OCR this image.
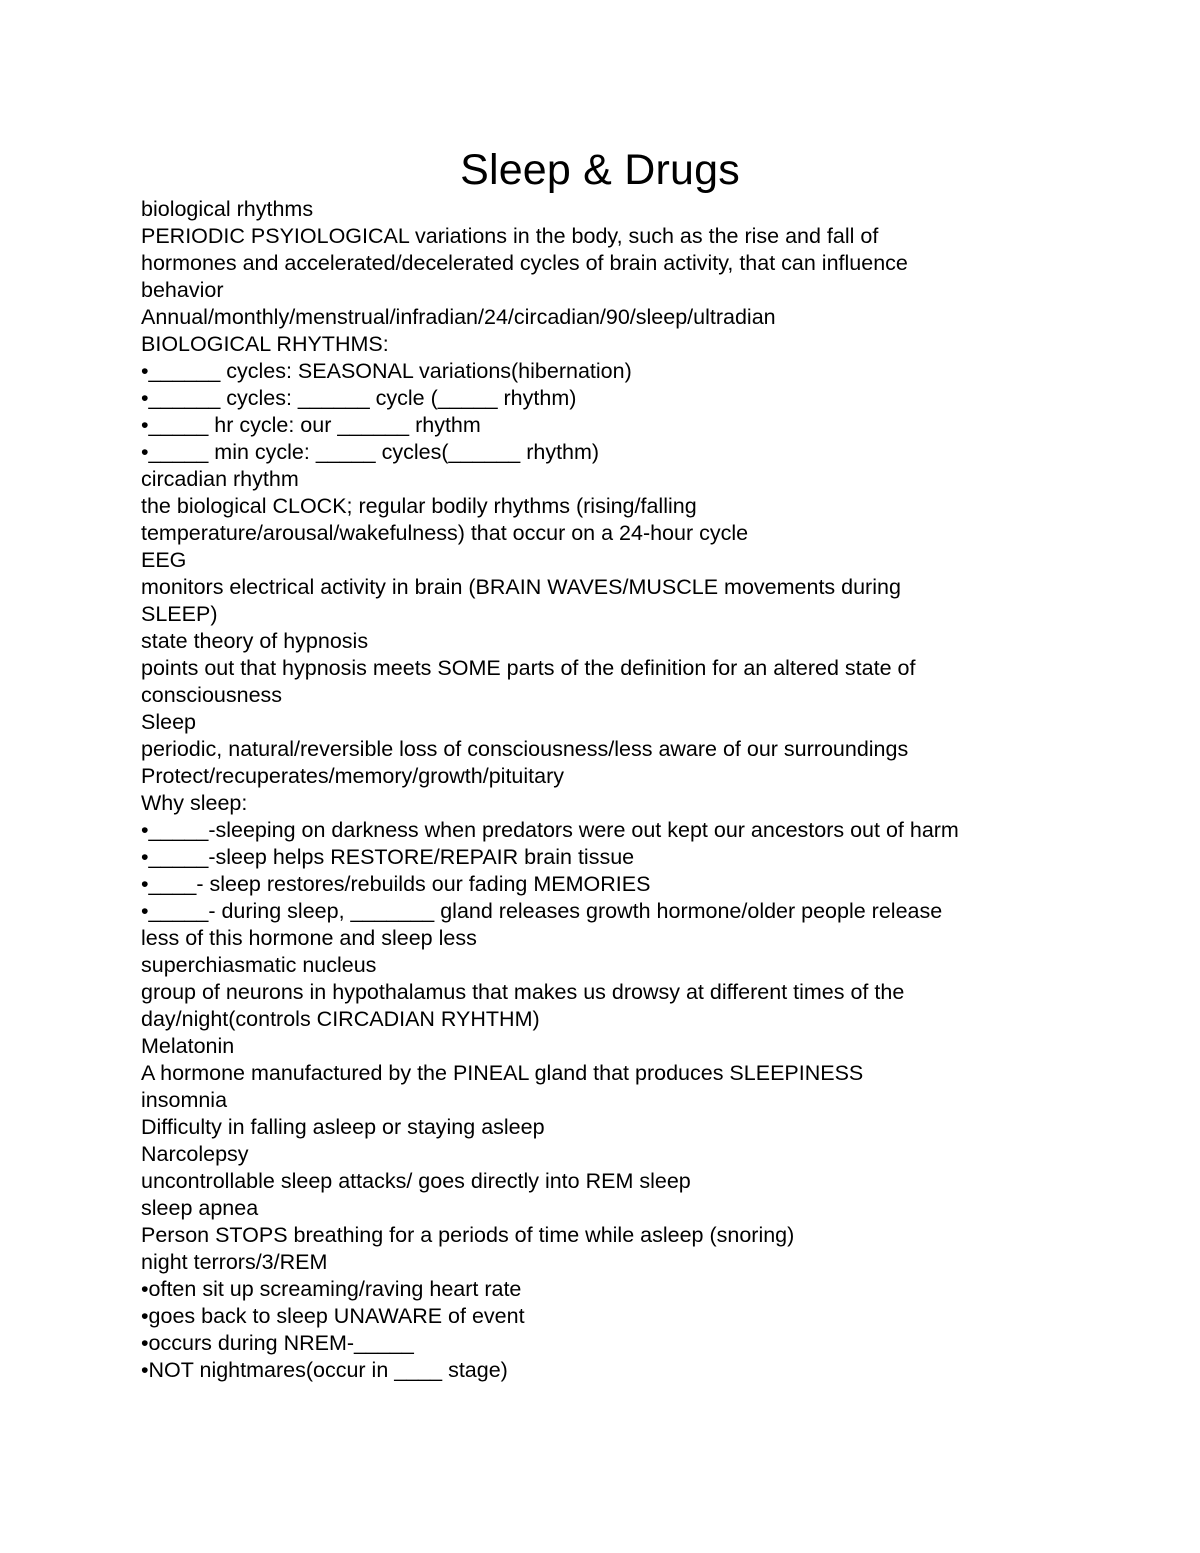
Sleep & Drugs
biological rhythms
PERIODIC PSYIOLOGICAL variations in the body, such as the rise and fall of
hormones and accelerated/decelerated cycles of brain activity, that can influence
behavior
Annual/monthly/menstrual/infradian/24/circadian/90/sleep/ultradian
BIOLOGICAL RHYTHMS:
•______ cycles: SEASONAL variations(hibernation)
•______ cycles: ______ cycle (_____ rhythm)
•_____ hr cycle: our ______ rhythm
•_____ min cycle: _____ cycles(______ rhythm)
circadian rhythm
the biological CLOCK; regular bodily rhythms (rising/falling
temperature/arousal/wakefulness) that occur on a 24-hour cycle
EEG
monitors electrical activity in brain (BRAIN WAVES/MUSCLE movements during
SLEEP)
state theory of hypnosis
points out that hypnosis meets SOME parts of the definition for an altered state of
consciousness
Sleep
periodic, natural/reversible loss of consciousness/less aware of our surroundings
Protect/recuperates/memory/growth/pituitary
Why sleep:
•_____-sleeping on darkness when predators were out kept our ancestors out of harm
•_____-sleep helps RESTORE/REPAIR brain tissue
•____- sleep restores/rebuilds our fading MEMORIES
•_____- during sleep, _______ gland releases growth hormone/older people release
less of this hormone and sleep less
superchiasmatic nucleus
group of neurons in hypothalamus that makes us drowsy at different times of the
day/night(controls CIRCADIAN RYHTHM)
Melatonin
A hormone manufactured by the PINEAL gland that produces SLEEPINESS
insomnia
Difficulty in falling asleep or staying asleep
Narcolepsy
uncontrollable sleep attacks/ goes directly into REM sleep
sleep apnea
Person STOPS breathing for a periods of time while asleep (snoring)
night terrors/3/REM
•often sit up screaming/raving heart rate
•goes back to sleep UNAWARE of event
•occurs during NREM-_____
•NOT nightmares(occur in ____ stage)
